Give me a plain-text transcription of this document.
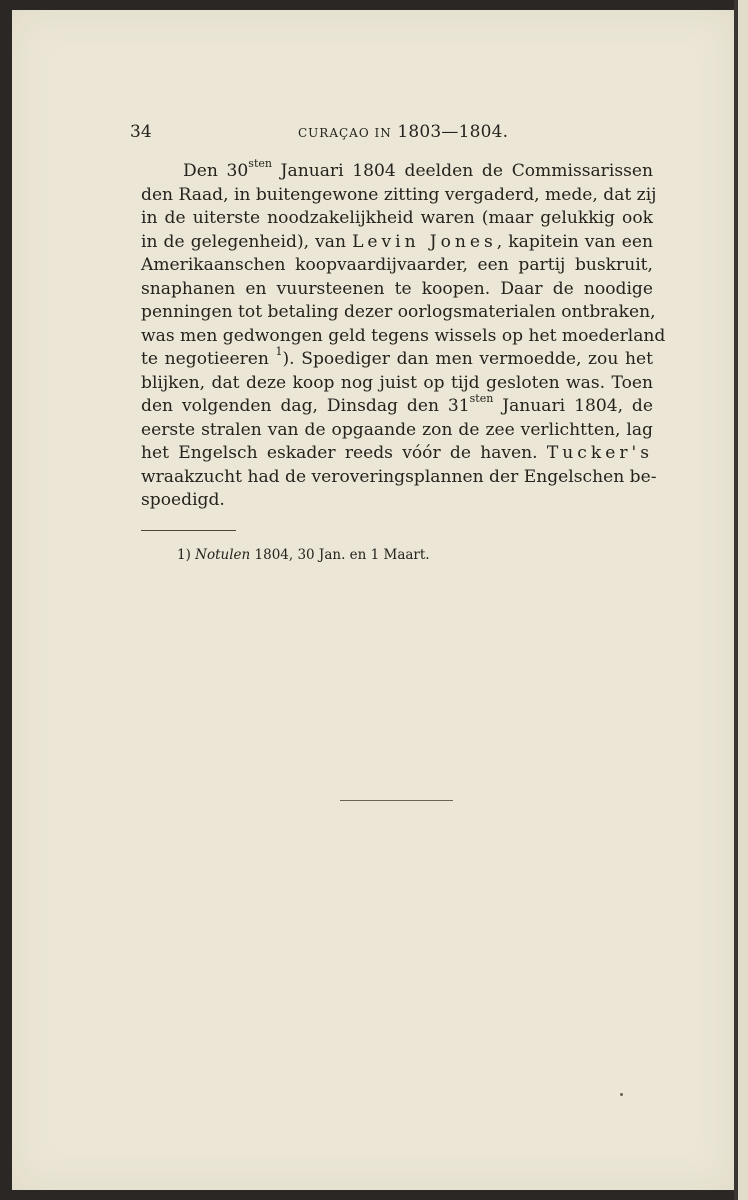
34	CURAÇAO IN 1803—1804.
Den $30^{sten}$ Januari 1804 deelden de Commissarissen
den Raad, in buitengewone zitting vergaderd, mede, dat zij
in de uiterste noodzakelijkheid waren (maar gelukkig ook
in de gelegenheid), van Levin Jones, kapitein van een
Amerikaanschen koopvaardijvaarder, een partij buskruit,
snaphanen en vuursteenen te koopen. Daar de noodige
penningen tot betaling dezer oorlogsmaterialen ontbraken,
was men gedwongen geld tegens wissels op het moederland
te negotieeren $^1$). Spoediger dan men vermoedde, zou het
blijken, dat deze koop nog juist op tijd gesloten was. Toen
den volgenden dag, Dinsdag den $31^{sten}$ Januari 1804, de
eerste stralen van de opgaande zon de zee verlichtten, lag
het Engelsch eskader reeds vóór de haven. Tucker's
wraakzucht had de veroveringsplannen der Engelschen be-
spoedigd.
1) Notulen 1804, 30 Jan. en 1 Maart.
